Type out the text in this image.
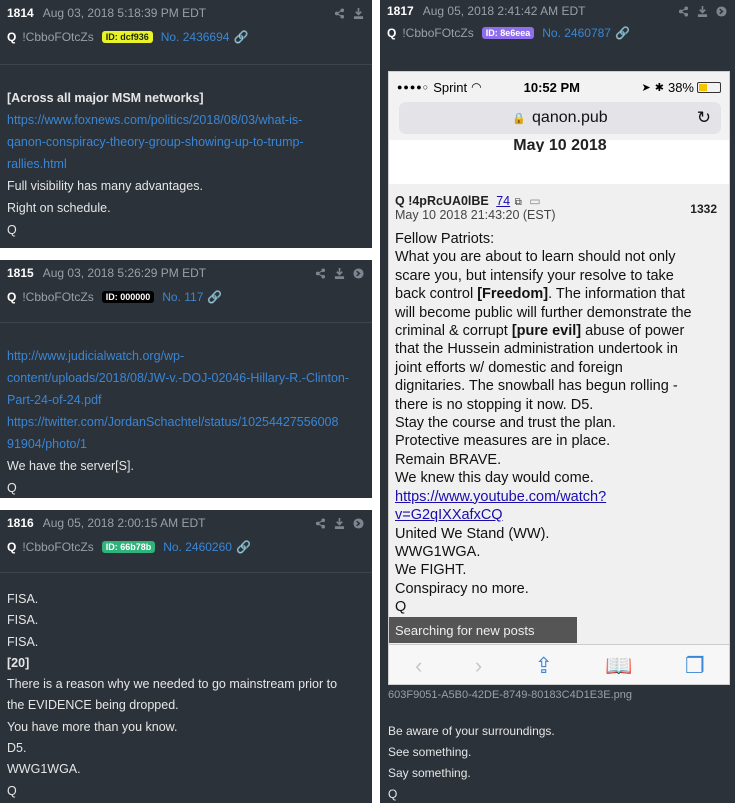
1814 Aug 03, 2018 5:18:39 PM EDT
Q !CbboFOtcZs	ID: dcf936	No. 2436694 🔗
[Across all major MSM networks]
https://www.foxnews.com/politics/2018/08/03/what-is-
qanon-conspiracy-theory-group-showing-up-to-trump-
rallies.html
Full visibility has many advantages.
Right on schedule.
Q
1815 Aug 03, 2018 5:26:29 PM EDT
Q !CbboFOtcZs	ID: 000000	No. 117 🔗
http://www.judicialwatch.org/wp-
content/uploads/2018/08/JW-v.-DOJ-02046-Hillary-R.-Clinton-
Part-24-of-24.pdf
https://twitter.com/JordanSchachtel/status/10254427556008
91904/photo/1
We have the server[S].
Q
1816 Aug 05, 2018 2:00:15 AM EDT
Q !CbboFOtcZs	ID: 66b78b	No. 2460260 🔗
FISA.
FISA.
FISA.
[20]
There is a reason why we needed to go mainstream prior to
the EVIDENCE being dropped.
You have more than you know.
D5.
WWG1WGA.
Q
1817 Aug 05, 2018 2:41:42 AM EDT
Q !CbboFOtcZs	ID: 8e6eea	No. 2460787 🔗
603F9051-A5B0-42DE-8749-80183C4D1E3E.png
Be aware of your surroundings.
See something.
Say something.
Q
●●●●○ Sprint ◠	10:52 PM	➤ ✱ 38%
🔒 qanon.pub	↻
May 10 2018
Q !4pRcUA0lBE 74 ⧉ ▭
1332
May 10 2018 21:43:20 (EST)
Fellow Patriots:
What you are about to learn should not only
scare you, but intensify your resolve to take
back control [Freedom]. The information that
will become public will further demonstrate the
criminal & corrupt [pure evil] abuse of power
that the Hussein administration undertook in
joint efforts w/ domestic and foreign
dignitaries. The snowball has begun rolling -
there is no stopping it now. D5.
Stay the course and trust the plan.
Protective measures are in place.
Remain BRAVE.
We knew this day would come.
https://www.youtube.com/watch?
v=G2qIXXafxCQ
United We Stand (WW).
WWG1WGA.
We FIGHT.
Conspiracy no more.
Q
Searching for new posts
‹ › ⇪ 📖 ❐
